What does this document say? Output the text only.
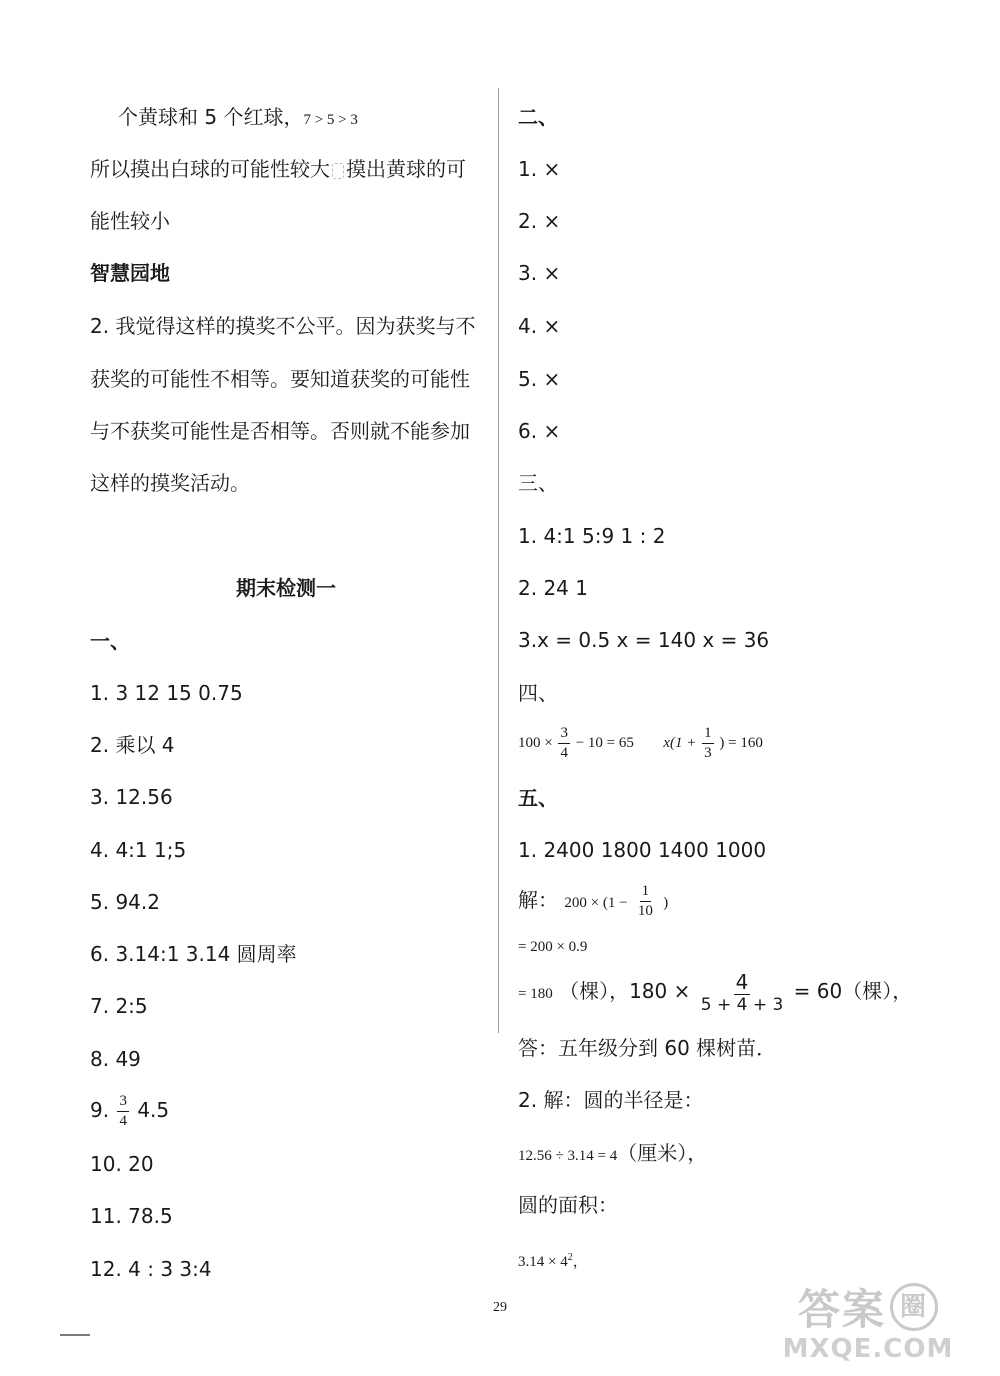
个黄球和 5 个红球，7 > 5 > 3
所以摸出白球的可能性较大 摸出黄球的可
能性较小
智慧园地
2. 我觉得这样的摸奖不公平。因为获奖与不
获奖的可能性不相等。要知道获奖的可能性
与不获奖可能性是否相等。否则就不能参加
这样的摸奖活动。
期末检测一
一、
1. 3 12 15 0.75
2. 乘以 4
3. 12.56
4. 4:1 1;5
5. 94.2
6. 3.14:1 3.14 圆周率
7. 2:5
8. 49
9. $\frac{3}{4} 4.5$
10. 20
11. 78.5
12. 4 : 3 3:4
二、
1. ×
2. ×
3. ×
4. ×
5. ×
6. ×
三、
1. 4:1 5:9 1 : 2
2. 24 1
3.x = 0.5 x = 140 x = 36
四、
$100 \times \frac{3}{4} - 10 = 65$ $x(1 + \frac{1}{3}$ ) = 160
五、
1. 2400 1800 1400 1000
解： $200 \times (1 - \frac{1}{10}$ )
= 200 × 0.9
= 180 （棵），$180 \times \frac{4}{5 + 4 + 3} = 60$（棵），
答：五年级分到 60 棵树苗．
2. 解：圆的半径是：
12.56 ÷ 3.14 = 4（厘米），
圆的面积：
$3.14 \times 4^2$，
29	答案 圈
MXQE.COM
